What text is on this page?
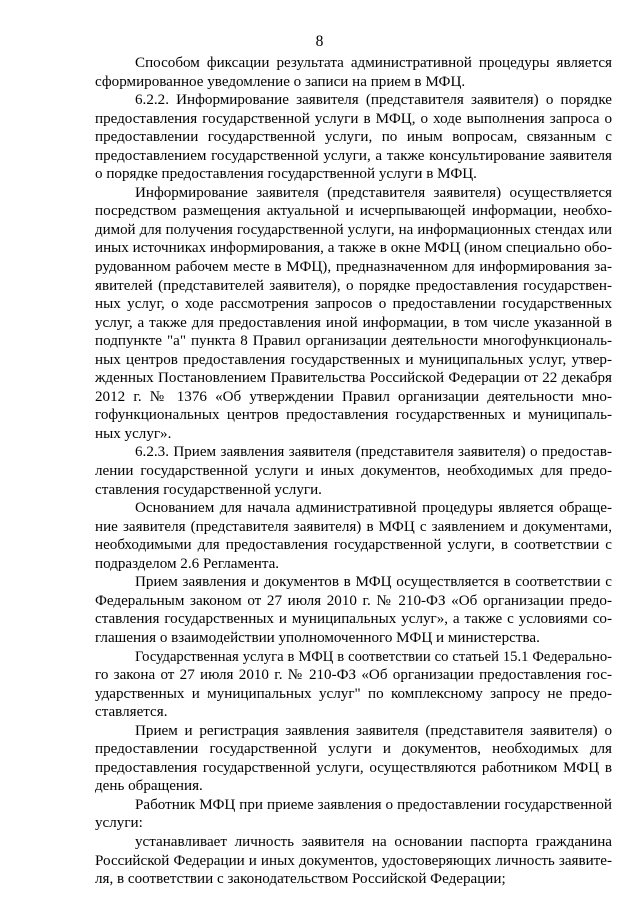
8

Способом фиксации результата административной процедуры является
сформированное уведомление о записи на прием в МФЦ.

6.2.2. Информирование заявителя (представителя заявителя) о порядке
предоставления государственной услуги в МФЦ, о ходе выполнения запроса о
предоставлении государственной услуги, по иным вопросам, связанным с
предоставлением государственной услуги, а также консультирование заявителя
о порядке предоставления государственной услуги в МФЦ.

Информирование заявителя (представителя заявителя) осуществляется
посредством размещения актуальной и исчерпывающей информации, необхо-
димой для получения государственной услуги, на информационных стендах или
иных источниках информирования, а также в окне МФЦ (ином специально обо-
рудованном рабочем месте в МФЦ), предназначенном для информирования за-
явителей (представителей заявителя), о порядке предоставления государствен-
ных услуг, о ходе рассмотрения запросов о предоставлении государственных
услуг, а также для предоставления иной информации, в том числе указанной в
подпункте "а" пункта 8 Правил организации деятельности многофункциональ-
ных центров предоставления государственных и муниципальных услуг, утвер-
жденных Постановлением Правительства Российской Федерации от 22 декабря
2012 г. № 1376 «Об утверждении Правил организации деятельности мно-
гофункциональных центров предоставления государственных и муниципаль-
ных услуг».

6.2.3. Прием заявления заявителя (представителя заявителя) о предостав-
лении государственной услуги и иных документов, необходимых для предо-
ставления государственной услуги.

Основанием для начала административной процедуры является обраще-
ние заявителя (представителя заявителя) в МФЦ с заявлением и документами,
необходимыми для предоставления государственной услуги, в соответствии с
подразделом 2.6 Регламента.

Прием заявления и документов в МФЦ осуществляется в соответствии с
Федеральным законом от 27 июля 2010 г. № 210-ФЗ «Об организации предо-
ставления государственных и муниципальных услуг», а также с условиями со-
глашения о взаимодействии уполномоченного МФЦ и министерства.

Государственная услуга в МФЦ в соответствии со статьей 15.1 Федерально-
го закона от 27 июля 2010 г. № 210-ФЗ «Об организации предоставления гос-
ударственных и муниципальных услуг" по комплексному запросу не предо-
ставляется.

Прием и регистрация заявления заявителя (представителя заявителя) о
предоставлении государственной услуги и документов, необходимых для
предоставления государственной услуги, осуществляются работником МФЦ в
день обращения.

Работник МФЦ при приеме заявления о предоставлении государственной
услуги:

устанавливает личность заявителя на основании паспорта гражданина
Российской Федерации и иных документов, удостоверяющих личность заявите-
ля, в соответствии с законодательством Российской Федерации;
